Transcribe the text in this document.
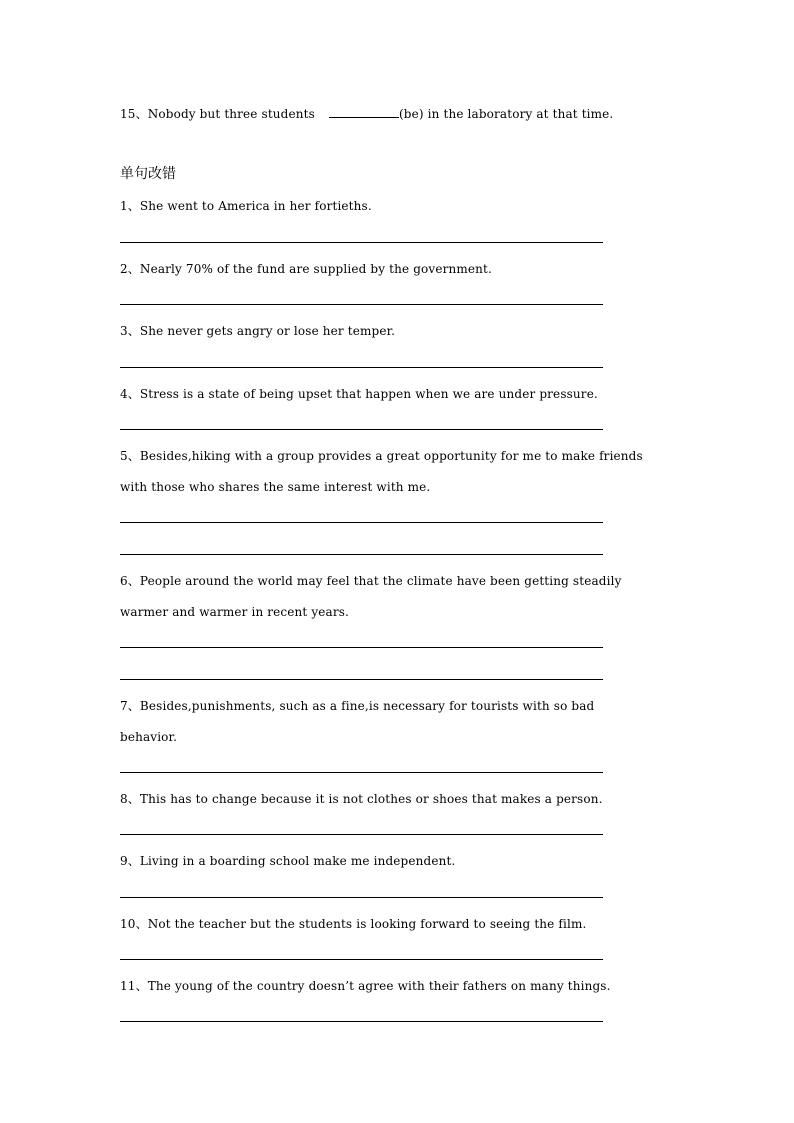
15、Nobody but three students	(be) in the laboratory at that time.
单句改错
1、She went to America in her fortieths.
2、Nearly 70% of the fund are supplied by the government.
3、She never gets angry or lose her temper.
4、Stress is a state of being upset that happen when we are under pressure.
5、Besides,hiking with a group provides a great opportunity for me to make friends
with those who shares the same interest with me.
6、People around the world may feel that the climate have been getting steadily
warmer and warmer in recent years.
7、Besides,punishments, such as a fine,is necessary for tourists with so bad
behavior.
8、This has to change because it is not clothes or shoes that makes a person.
9、Living in a boarding school make me independent.
10、Not the teacher but the students is looking forward to seeing the film.
11、The young of the country doesn’t agree with their fathers on many things.
